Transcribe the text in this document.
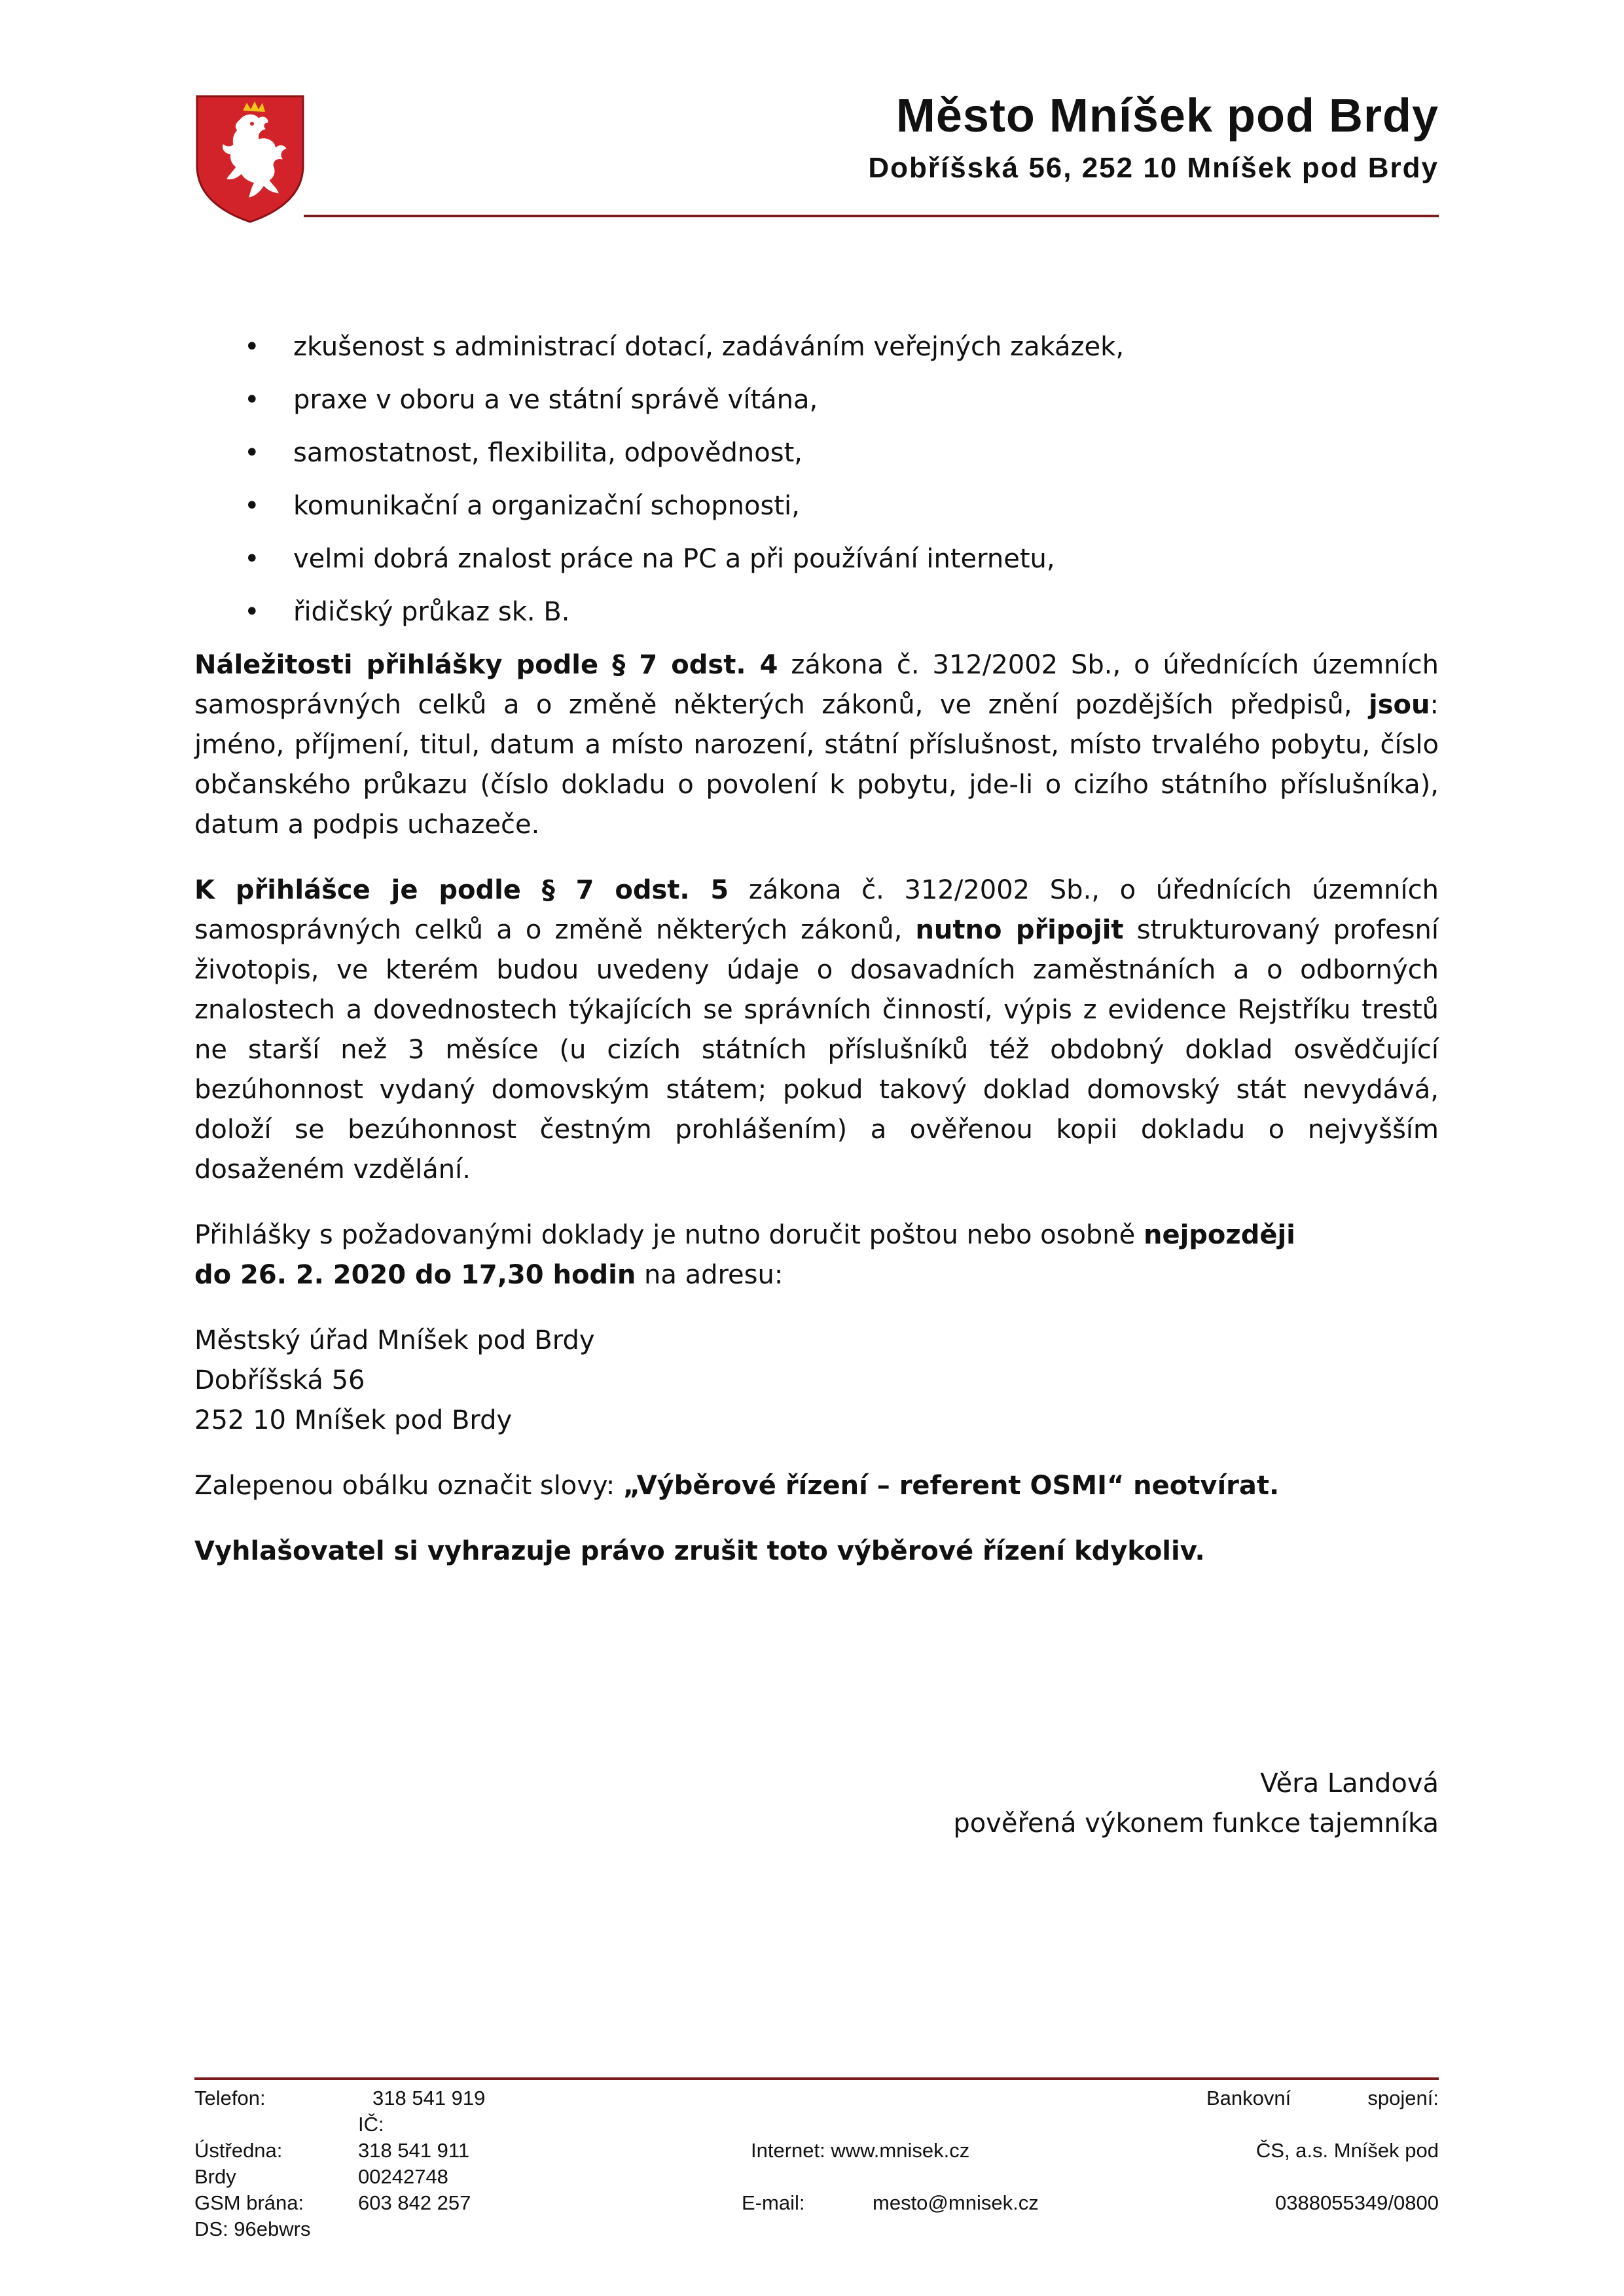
Město Mníšek pod Brdy
Dobříšská 56, 252 10 Mníšek pod Brdy
• zkušenost s administrací dotací, zadáváním veřejných zakázek,
• praxe v oboru a ve státní správě vítána,
• samostatnost, flexibilita, odpovědnost,
• komunikační a organizační schopnosti,
• velmi dobrá znalost práce na PC a při používání internetu,
• řidičský průkaz sk. B.

Náležitosti přihlášky podle § 7 odst. 4 zákona č. 312/2002 Sb., o úřednících územních samosprávných celků a o změně některých zákonů, ve znění pozdějších předpisů, jsou: jméno, příjmení, titul, datum a místo narození, státní příslušnost, místo trvalého pobytu, číslo občanského průkazu (číslo dokladu o povolení k pobytu, jde-li o cizího státního příslušníka), datum a podpis uchazeče.

K přihlášce je podle § 7 odst. 5 zákona č. 312/2002 Sb., o úřednících územních samosprávných celků a o změně některých zákonů, nutno připojit strukturovaný profesní životopis, ve kterém budou uvedeny údaje o dosavadních zaměstnáních a o odborných znalostech a dovednostech týkajících se správních činností, výpis z evidence Rejstříku trestů ne starší než 3 měsíce (u cizích státních příslušníků též obdobný doklad osvědčující bezúhonnost vydaný domovským státem; pokud takový doklad domovský stát nevydává, doloží se bezúhonnost čestným prohlášením) a ověřenou kopii dokladu o nejvyšším dosaženém vzdělání.

Přihlášky s požadovanými doklady je nutno doručit poštou nebo osobně nejpozději
do 26. 2. 2020 do 17,30 hodin na adresu:

Městský úřad Mníšek pod Brdy
Dobříšská 56
252 10 Mníšek pod Brdy

Zalepenou obálku označit slovy: „Výběrové řízení – referent OSMI“ neotvírat.

Vyhlašovatel si vyhrazuje právo zrušit toto výběrové řízení kdykoliv.

Věra Landová
pověřená výkonem funkce tajemníka
Telefon:	318 541 919	Bankovní	spojení:
IČ:
Ústředna:	318 541 911	Internet: www.mnisek.cz	ČS, a.s. Mníšek pod
Brdy	00242748
GSM brána:	603 842 257	E-mail:	mesto@mnisek.cz	0388055349/0800
DS: 96ebwrs
